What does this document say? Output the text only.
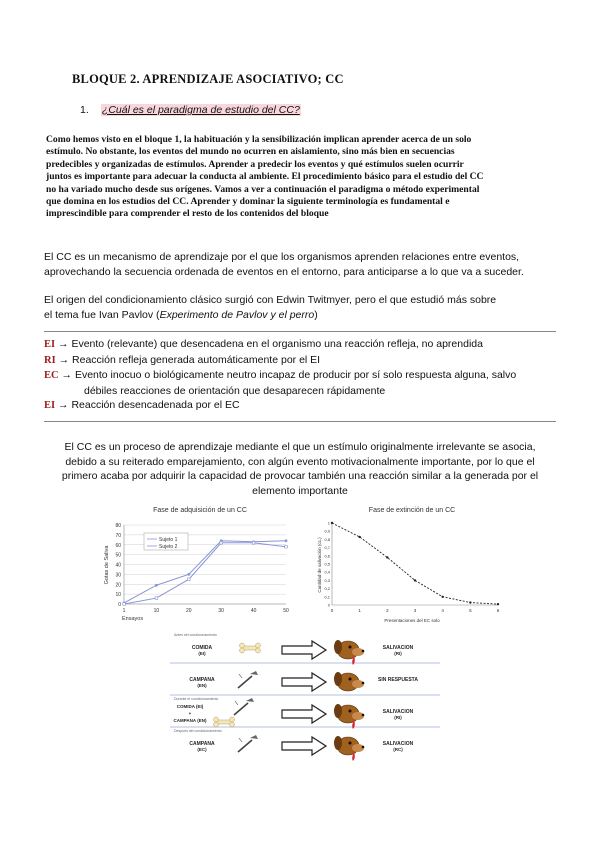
BLOQUE 2. APRENDIZAJE ASOCIATIVO; CC
1. ¿Cuál es el paradigma de estudio del CC?
Como hemos visto en el bloque 1, la habituación y la sensibilización implican aprender acerca de un solo
estímulo. No obstante, los eventos del mundo no ocurren en aislamiento, sino más bien en secuencias
predecibles y organizadas de estímulos. Aprender a predecir los eventos y qué estímulos suelen ocurrir
juntos es importante para adecuar la conducta al ambiente. El procedimiento básico para el estudio del CC
no ha variado mucho desde sus orígenes. Vamos a ver a continuación el paradigma o método experimental
que domina en los estudios del CC. Aprender y dominar la siguiente terminología es fundamental e
imprescindible para comprender el resto de los contenidos del bloque
El CC es un mecanismo de aprendizaje por el que los organismos aprenden relaciones entre eventos,
aprovechando la secuencia ordenada de eventos en el entorno, para anticiparse a lo que va a suceder.
El origen del condicionamiento clásico surgió con Edwin Twitmyer, pero el que estudió más sobre
el tema fue Ivan Pavlov (Experimento de Pavlov y el perro)
EI → Evento (relevante) que desencadena en el organismo una reacción refleja, no aprendida
RI → Reacción refleja generada automáticamente por el EI
EC → Evento inocuo o biológicamente neutro incapaz de producir por sí solo respuesta alguna, salvo
débiles reacciones de orientación que desaparecen rápidamente
EI → Reacción desencadenada por el EC
El CC es un proceso de aprendizaje mediante el que un estímulo originalmente irrelevante se asocia,
debido a su reiterado emparejamiento, con algún evento motivacionalmente importante, por lo que el
primero acaba por adquirir la capacidad de provocar también una reacción similar a la generada por el
elemento importante
Fase de adquisición de un CC
0
10
20
30
40
50
60
70
80
1	10	20	30	40	50
Ensayos
Gotas de Saliva
Sujeto 1
Sujeto 2
Fase de extinción de un CC
0
0,1
0,2
0,3
0,4
0,5
0,6
0,7
0,8
0,9
1
0	1	2	3	4	5	6
Presentaciones del EC solo
Cantidad de salivación (cc.)
Antes del condicionamiento
COMIDA
(EI)
SALIVACION
(RI)
CAMPANA
(EN)
SIN RESPUESTA
Durante el condicionamiento
COMIDA (EI)
+
CAMPANA (EN)
SALIVACION
(RI)
Después del condicionamiento
CAMPANA
(EC)
SALIVACION
(RC)
